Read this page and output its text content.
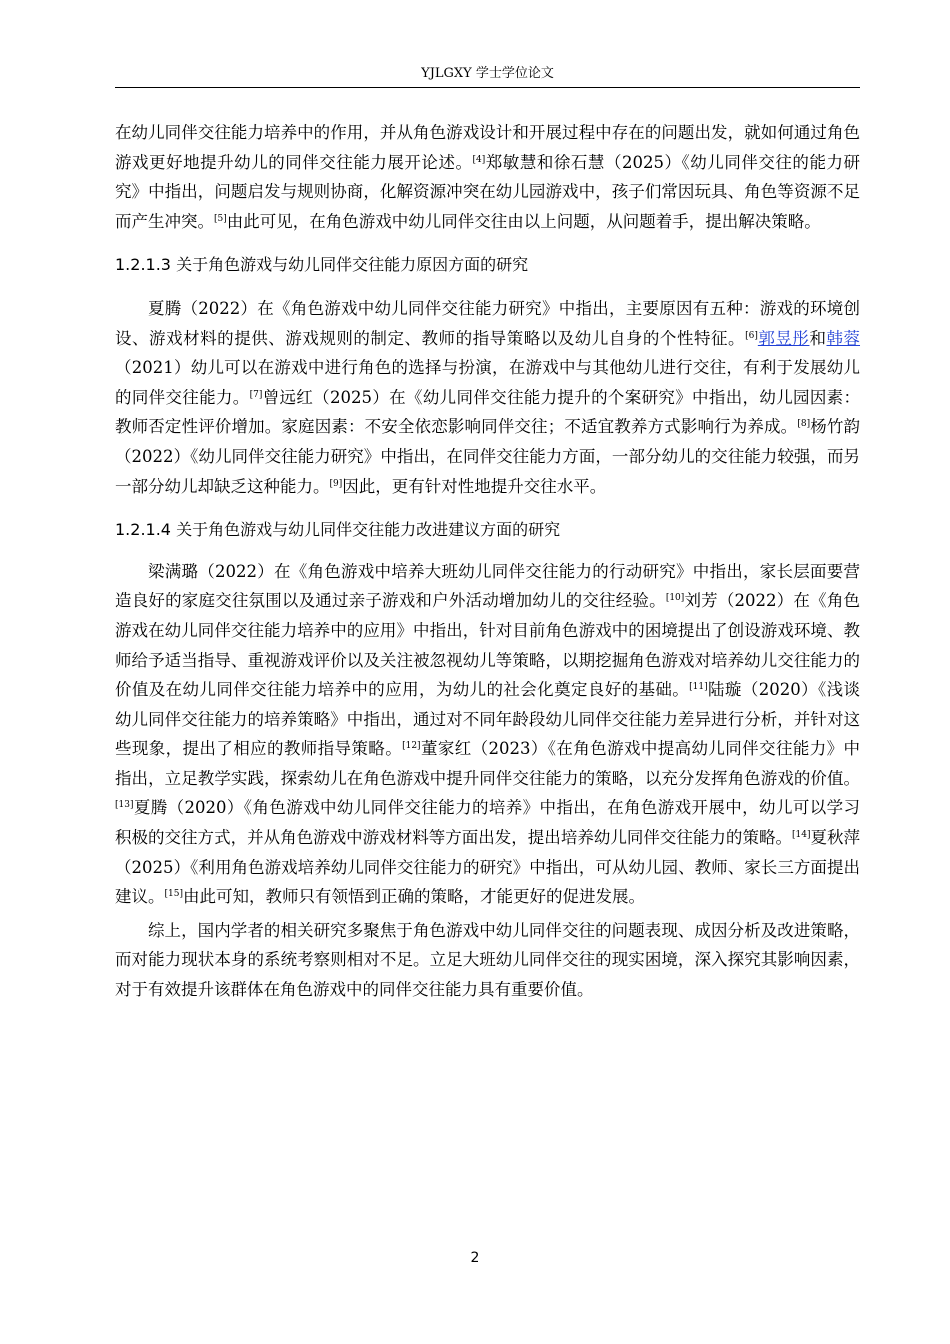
YJLGXY 学士学位论文

在幼儿同伴交往能力培养中的作用，并从角色游戏设计和开展过程中存在的问题出发，就如何通过角色游戏更好地提升幼儿的同伴交往能力展开论述。[4]郑敏慧和徐石慧（2025）《幼儿同伴交往的能力研究》中指出，问题启发与规则协商，化解资源冲突在幼儿园游戏中，孩子们常因玩具、角色等资源不足而产生冲突。[5]由此可见，在角色游戏中幼儿同伴交往由以上问题，从问题着手，提出解决策略。

1.2.1.3 关于角色游戏与幼儿同伴交往能力原因方面的研究

夏腾（2022）在《角色游戏中幼儿同伴交往能力研究》中指出，主要原因有五种：游戏的环境创设、游戏材料的提供、游戏规则的制定、教师的指导策略以及幼儿自身的个性特征。[6]郭昱彤和韩蓉（2021）幼儿可以在游戏中进行角色的选择与扮演，在游戏中与其他幼儿进行交往，有利于发展幼儿的同伴交往能力。[7]曾远红（2025）在《幼儿同伴交往能力提升的个案研究》中指出，幼儿园因素：教师否定性评价增加。家庭因素：不安全依恋影响同伴交往；不适宜教养方式影响行为养成。[8]杨竹韵（2022）《幼儿同伴交往能力研究》中指出，在同伴交往能力方面，一部分幼儿的交往能力较强，而另一部分幼儿却缺乏这种能力。[9]因此，更有针对性地提升交往水平。

1.2.1.4 关于角色游戏与幼儿同伴交往能力改进建议方面的研究

梁满璐（2022）在《角色游戏中培养大班幼儿同伴交往能力的行动研究》中指出，家长层面要营造良好的家庭交往氛围以及通过亲子游戏和户外活动增加幼儿的交往经验。[10]刘芳（2022）在《角色游戏在幼儿同伴交往能力培养中的应用》中指出，针对目前角色游戏中的困境提出了创设游戏环境、教师给予适当指导、重视游戏评价以及关注被忽视幼儿等策略，以期挖掘角色游戏对培养幼儿交往能力的价值及在幼儿同伴交往能力培养中的应用，为幼儿的社会化奠定良好的基础。[11]陆璇（2020）《浅谈幼儿同伴交往能力的培养策略》中指出，通过对不同年龄段幼儿同伴交往能力差异进行分析，并针对这些现象，提出了相应的教师指导策略。[12]董家红（2023）《在角色游戏中提高幼儿同伴交往能力》中指出，立足教学实践，探索幼儿在角色游戏中提升同伴交往能力的策略，以充分发挥角色游戏的价值。[13]夏腾（2020）《角色游戏中幼儿同伴交往能力的培养》中指出，在角色游戏开展中，幼儿可以学习积极的交往方式，并从角色游戏中游戏材料等方面出发，提出培养幼儿同伴交往能力的策略。[14]夏秋萍（2025）《利用角色游戏培养幼儿同伴交往能力的研究》中指出，可从幼儿园、教师、家长三方面提出建议。[15]由此可知，教师只有领悟到正确的策略，才能更好的促进发展。

综上，国内学者的相关研究多聚焦于角色游戏中幼儿同伴交往的问题表现、成因分析及改进策略，而对能力现状本身的系统考察则相对不足。立足大班幼儿同伴交往的现实困境，深入探究其影响因素，对于有效提升该群体在角色游戏中的同伴交往能力具有重要价值。

2
